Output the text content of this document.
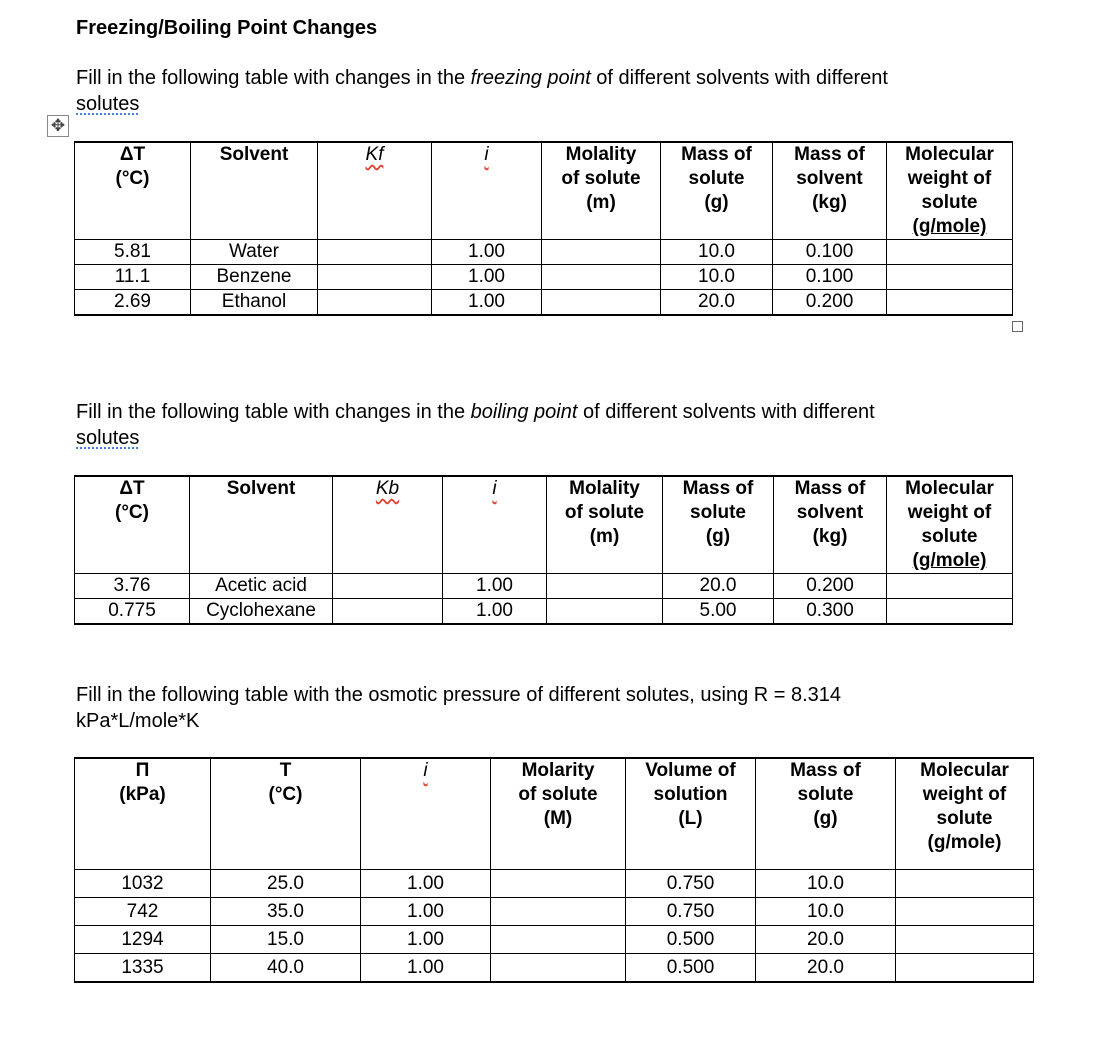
Freezing/Boiling Point Changes
Fill in the following table with changes in the freezing point of different solvents with different
solutes
✥
ΔT
(°C)	Solvent	Kf	i	Molality
of solute
(m)	Mass of
solute
(g)	Mass of
solvent
(kg)	Molecular
weight of
solute
(g/mole)
5.81	Water		1.00		10.0	0.100	
11.1	Benzene		1.00		10.0	0.100	
2.69	Ethanol		1.00		20.0	0.200	
Fill in the following table with changes in the boiling point of different solvents with different
solutes
ΔT
(°C)	Solvent	Kb	i	Molality
of solute
(m)	Mass of
solute
(g)	Mass of
solvent
(kg)	Molecular
weight of
solute
(g/mole)
3.76	Acetic acid		1.00		20.0	0.200	
0.775	Cyclohexane		1.00		5.00	0.300	
Fill in the following table with the osmotic pressure of different solutes, using R = 8.314
kPa*L/mole*K
Π
(kPa)	T
(°C)	i	Molarity
of solute
(M)	Volume of
solution
(L)	Mass of
solute
(g)	Molecular
weight of
solute
(g/mole)
1032	25.0	1.00		0.750	10.0	
742	35.0	1.00		0.750	10.0	
1294	15.0	1.00		0.500	20.0	
1335	40.0	1.00		0.500	20.0	
